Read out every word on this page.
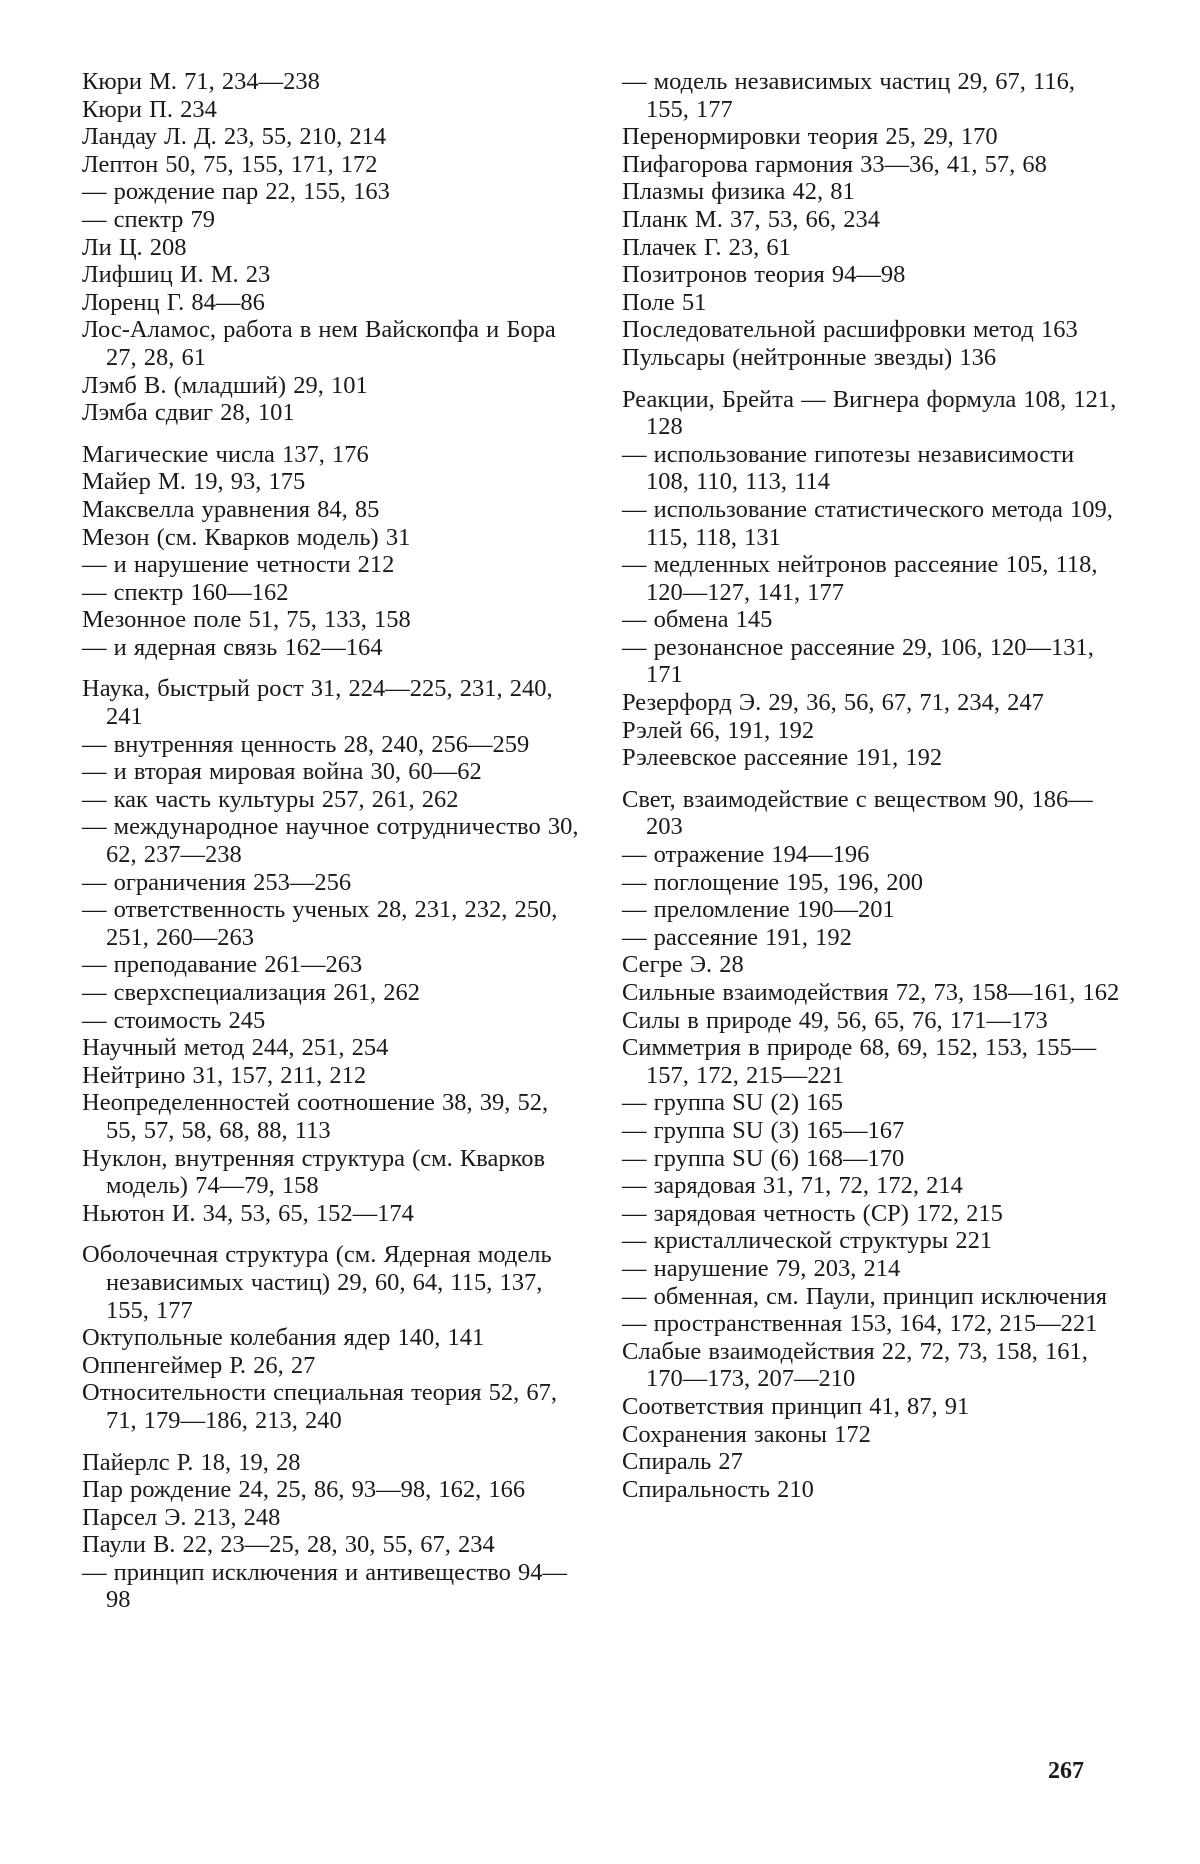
Кюри М. 71, 234—238

Кюри П. 234

Ландау Л. Д. 23, 55, 210, 214

Лептон 50, 75, 155, 171, 172

— рождение пар 22, 155, 163

— спектр 79

Ли Ц. 208

Лифшиц И. М. 23

Лоренц Г. 84—86

Лос-Аламос, работа в нем Вайскопфа и Бора 27, 28, 61

Лэмб В. (младший) 29, 101

Лэмба сдвиг 28, 101

Магические числа 137, 176

Майер М. 19, 93, 175

Максвелла уравнения 84, 85

Мезон (см. Кварков модель) 31

— и нарушение четности 212

— спектр 160—162

Мезонное поле 51, 75, 133, 158

— и ядерная связь 162—164

Наука, быстрый рост 31, 224—225, 231, 240, 241

— внутренняя ценность 28, 240, 256—259

— и вторая мировая война 30, 60—62

— как часть культуры 257, 261, 262

— международное научное сотрудничество 30, 62, 237—238

— ограничения 253—256

— ответственность ученых 28, 231, 232, 250, 251, 260—263

— преподавание 261—263

— сверхспециализация 261, 262

— стоимость 245

Научный метод 244, 251, 254

Нейтрино 31, 157, 211, 212

Неопределенностей соотношение 38, 39, 52, 55, 57, 58, 68, 88, 113

Нуклон, внутренняя структура (см. Кварков модель) 74—79, 158

Ньютон И. 34, 53, 65, 152—174

Оболочечная структура (см. Ядерная модель независимых частиц) 29, 60, 64, 115, 137, 155, 177

Октупольные колебания ядер 140, 141

Оппенгеймер Р. 26, 27

Относительности специальная теория 52, 67, 71, 179—186, 213, 240

Пайерлс Р. 18, 19, 28

Пар рождение 24, 25, 86, 93—98, 162, 166

Парсел Э. 213, 248

Паули В. 22, 23—25, 28, 30, 55, 67, 234

— принцип исключения и антивещество 94—98

— модель независимых частиц 29, 67, 116, 155, 177

Перенормировки теория 25, 29, 170

Пифагорова гармония 33—36, 41, 57, 68

Плазмы физика 42, 81

Планк М. 37, 53, 66, 234

Плачек Г. 23, 61

Позитронов теория 94—98

Поле 51

Последовательной расшифровки метод 163

Пульсары (нейтронные звезды) 136

Реакции, Брейта — Вигнера формула 108, 121, 128

— использование гипотезы независимости 108, 110, 113, 114

— использование статистического метода 109, 115, 118, 131

— медленных нейтронов рассеяние 105, 118, 120—127, 141, 177

— обмена 145

— резонансное рассеяние 29, 106, 120—131, 171

Резерфорд Э. 29, 36, 56, 67, 71, 234, 247

Рэлей 66, 191, 192

Рэлеевское рассеяние 191, 192

Свет, взаимодействие с веществом 90, 186—203

— отражение 194—196

— поглощение 195, 196, 200

— преломление 190—201

— рассеяние 191, 192

Сегре Э. 28

Сильные взаимодействия 72, 73, 158—161, 162

Силы в природе 49, 56, 65, 76, 171—173

Симметрия в природе 68, 69, 152, 153, 155—157, 172, 215—221

— группа SU (2) 165

— группа SU (3) 165—167

— группа SU (6) 168—170

— зарядовая 31, 71, 72, 172, 214

— зарядовая четность (CP) 172, 215

— кристаллической структуры 221

— нарушение 79, 203, 214

— обменная, см. Паули, принцип исключения

— пространственная 153, 164, 172, 215—221

Слабые взаимодействия 22, 72, 73, 158, 161, 170—173, 207—210

Соответствия принцип 41, 87, 91

Сохранения законы 172

Спираль 27

Спиральность 210

267
